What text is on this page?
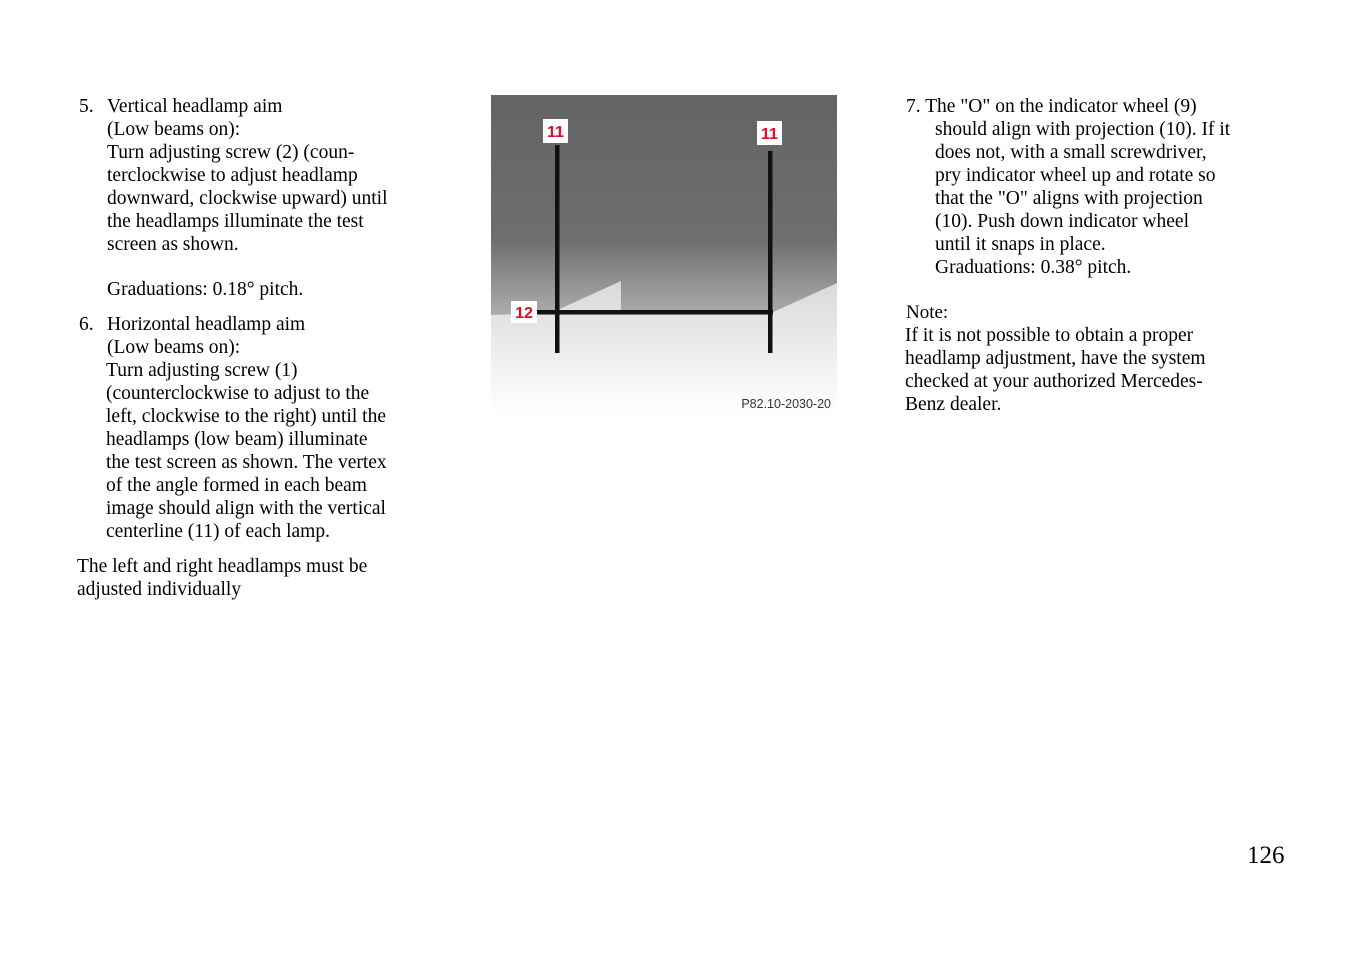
5. Vertical headlamp aim
(Low beams on):
Turn adjusting screw (2) (coun-
terclockwise to adjust headlamp
downward, clockwise upward) until
the headlamps illuminate the test
screen as shown.
Graduations: 0.18° pitch.
6. Horizontal headlamp aim
(Low beams on):
Turn adjusting screw (1)
(counterclockwise to adjust to the
left, clockwise to the right) until the
headlamps (low beam) illuminate
the test screen as shown. The vertex
of the angle formed in each beam
image should align with the vertical
centerline (11) of each lamp.
The left and right headlamps must be
adjusted individually
11	11
12
P82.10-2030-20
7. The "O" on the indicator wheel (9)
should align with projection (10). If it
does not, with a small screwdriver,
pry indicator wheel up and rotate so
that the "O" aligns with projection
(10). Push down indicator wheel
until it snaps in place.
Graduations: 0.38° pitch.
Note:
If it is not possible to obtain a proper
headlamp adjustment, have the system
checked at your authorized Mercedes-
Benz dealer.
126
